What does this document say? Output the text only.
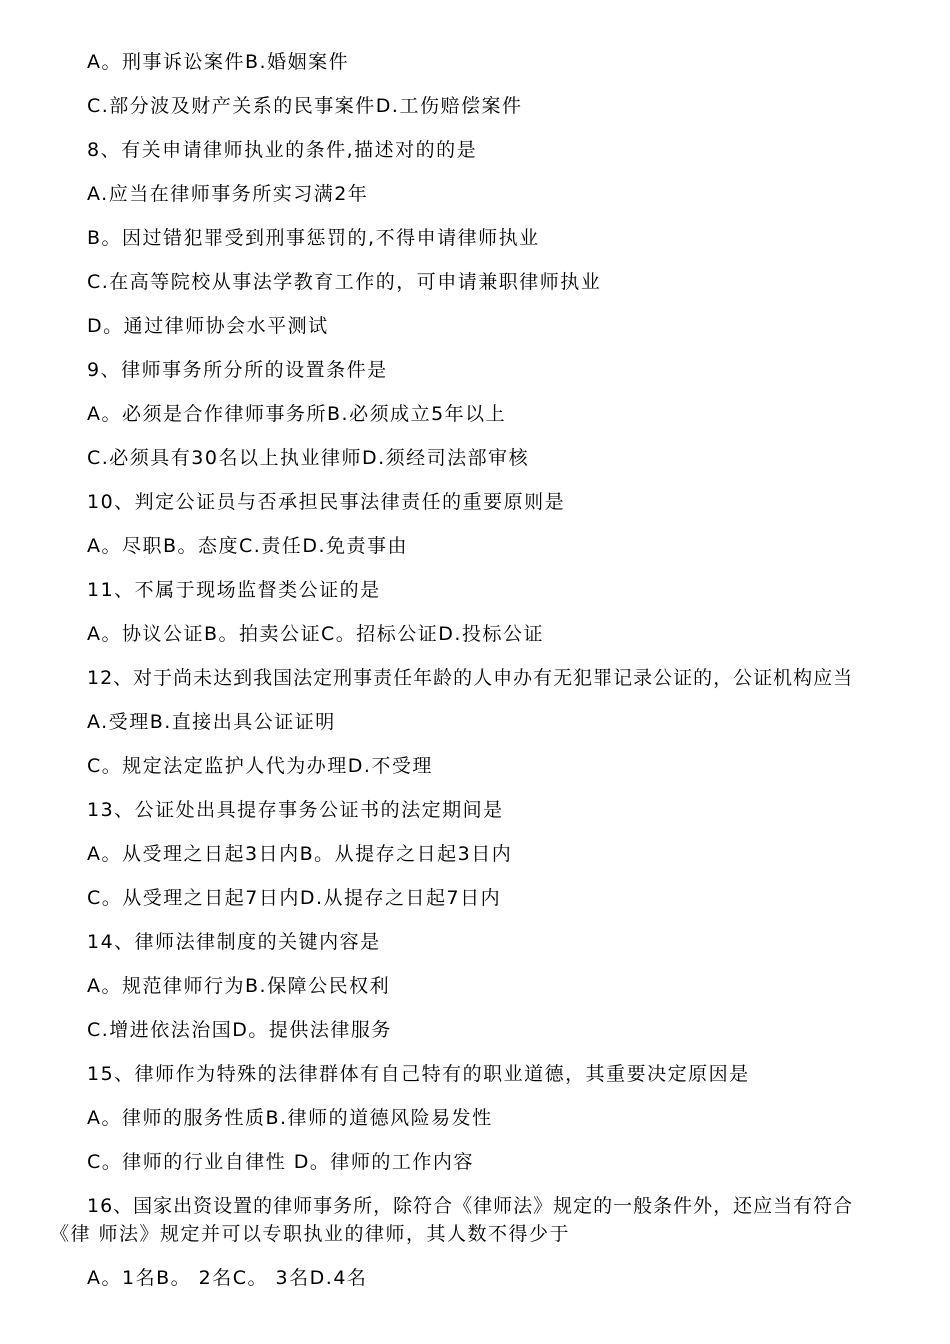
A。刑事诉讼案件B.婚姻案件
C.部分波及财产关系的民事案件D.工伤赔偿案件
8、有关申请律师执业的条件,描述对的的是
A.应当在律师事务所实习满2年
B。因过错犯罪受到刑事惩罚的,不得申请律师执业
C.在高等院校从事法学教育工作的，可申请兼职律师执业
D。通过律师协会水平测试
9、律师事务所分所的设置条件是
A。必须是合作律师事务所B.必须成立5年以上
C.必须具有30名以上执业律师D.须经司法部审核
10、判定公证员与否承担民事法律责任的重要原则是
A。尽职B。态度C.责任D.免责事由
11、不属于现场监督类公证的是
A。协议公证B。拍卖公证C。招标公证D.投标公证
12、对于尚未达到我国法定刑事责任年龄的人申办有无犯罪记录公证的，公证机构应当
A.受理B.直接出具公证证明
C。规定法定监护人代为办理D.不受理
13、公证处出具提存事务公证书的法定期间是
A。从受理之日起3日内B。从提存之日起3日内
C。从受理之日起7日内D.从提存之日起7日内
14、律师法律制度的关键内容是
A。规范律师行为B.保障公民权利
C.增进依法治国D。提供法律服务
15、律师作为特殊的法律群体有自己特有的职业道德，其重要决定原因是
A。律师的服务性质B.律师的道德风险易发性
C。律师的行业自律性 D。律师的工作内容
16、国家出资设置的律师事务所，除符合《律师法》规定的一般条件外，还应当有符合
《律 师法》规定并可以专职执业的律师，其人数不得少于
A。1名B。 2名C。 3名D.4名
